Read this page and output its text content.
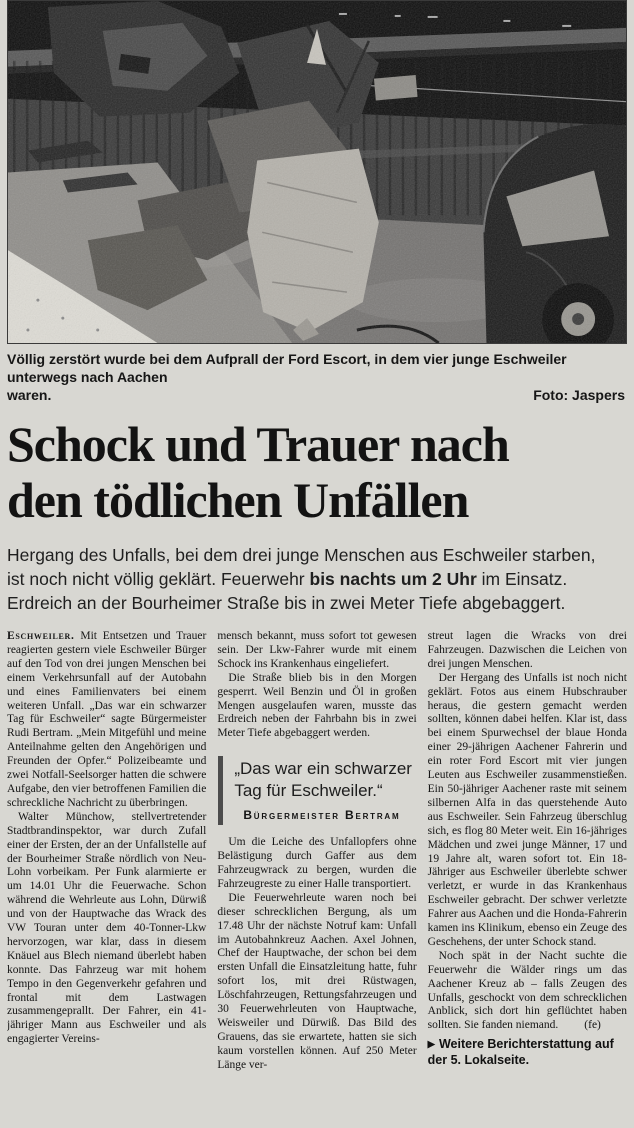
Völlig zerstört wurde bei dem Aufprall der Ford Escort, in dem vier junge Eschweiler unterwegs nach Aachen

Foto: Jaspers
waren.
Schock und Trauer nach
den tödlichen Unfällen
Hergang des Unfalls, bei dem drei junge Menschen aus Eschweiler starben,
ist noch nicht völlig geklärt. Feuerwehr bis nachts um 2 Uhr im Einsatz.
Erdreich an der Bourheimer Straße bis in zwei Meter Tiefe abgebaggert.

Eschweiler. Mit Entsetzen und Trauer reagierten gestern viele Eschweiler Bürger auf den Tod von drei jungen Menschen bei einem Verkehrsunfall auf der Autobahn und eines Familienvaters bei einem weiteren Unfall. „Das war ein schwarzer Tag für Eschweiler“ sagte Bürgermeister Rudi Bertram. „Mein Mitgefühl und meine Anteilnahme gelten den Angehörigen und Freunden der Opfer.“ Polizeibeamte und zwei Notfall-Seelsorger hatten die schwere Aufgabe, den vier betroffenen Familien die schreckliche Nachricht zu überbringen.

Walter Münchow, stellvertretender Stadtbrandinspektor, war durch Zufall einer der Ersten, der an der Unfallstelle auf der Bourheimer Straße nördlich von Neu-Lohn vorbeikam. Per Funk alarmierte er um 14.01 Uhr die Feuerwache. Schon während die Wehrleute aus Lohn, Dürwiß und von der Hauptwache das Wrack des VW Touran unter dem 40-Tonner-Lkw hervorzogen, war klar, dass in diesem Knäuel aus Blech niemand überlebt haben konnte. Das Fahrzeug war mit hohem Tempo in den Gegenverkehr gefahren und frontal mit dem Lastwagen zusammengeprallt. Der Fahrer, ein 41-jähriger Mann aus Eschweiler und als engagierter Vereins-

mensch bekannt, muss sofort tot gewesen sein. Der Lkw-Fahrer wurde mit einem Schock ins Krankenhaus eingeliefert.

Die Straße blieb bis in den Morgen gesperrt. Weil Benzin und Öl in großen Mengen ausgelaufen waren, musste das Erdreich neben der Fahrbahn bis in zwei Meter Tiefe abgebaggert werden.

„Das war ein schwarzer Tag für Eschweiler.“
Bürgermeister Bertram

Um die Leiche des Unfallopfers ohne Belästigung durch Gaffer aus dem Fahrzeugwrack zu bergen, wurden die Fahrzeugreste zu einer Halle transportiert.

Die Feuerwehrleute waren noch bei dieser schrecklichen Bergung, als um 17.48 Uhr der nächste Notruf kam: Unfall im Autobahnkreuz Aachen. Axel Johnen, Chef der Hauptwache, der schon bei dem ersten Unfall die Einsatzleitung hatte, fuhr sofort los, mit drei Rüstwagen, Löschfahrzeugen, Rettungsfahrzeugen und 30 Feuerwehrleuten von Hauptwache, Weisweiler und Dürwiß. Das Bild des Grauens, das sie erwartete, hatten sie sich kaum vorstellen können. Auf 250 Meter Länge ver-

streut lagen die Wracks von drei Fahrzeugen. Dazwischen die Leichen von drei jungen Menschen.

Der Hergang des Unfalls ist noch nicht geklärt. Fotos aus einem Hubschrauber heraus, die gestern gemacht werden sollten, können dabei helfen. Klar ist, dass bei einem Spurwechsel der blaue Honda einer 29-jährigen Aachener Fahrerin und ein roter Ford Escort mit vier jungen Leuten aus Eschweiler zusammenstießen. Ein 50-jähriger Aachener raste mit seinem silbernen Alfa in das querstehende Auto aus Eschweiler. Sein Fahrzeug überschlug sich, es flog 80 Meter weit. Ein 16-jähriges Mädchen und zwei junge Männer, 17 und 19 Jahre alt, waren sofort tot. Ein 18-Jähriger aus Eschweiler überlebte schwer verletzt, er wurde in das Krankenhaus Eschweiler gebracht. Der schwer verletzte Fahrer aus Aachen und die Honda-Fahrerin kamen ins Klinikum, ebenso ein Zeuge des Geschehens, der unter Schock stand.

Noch spät in der Nacht suchte die Feuerwehr die Wälder rings um das Aachener Kreuz ab – falls Zeugen des Unfalls, geschockt von dem schrecklichen Anblick, sich dort hin geflüchtet haben sollten. Sie fanden niemand. (fe)

▶ Weitere Berichterstattung auf der 5. Lokalseite.
